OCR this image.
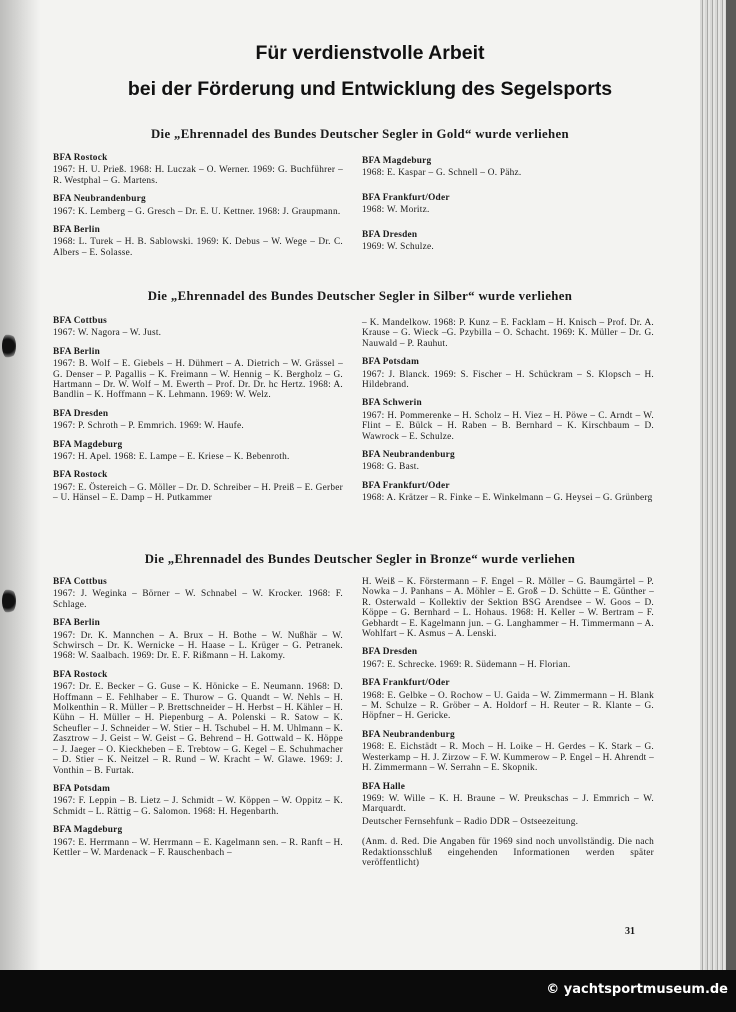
Für verdienstvolle Arbeit
bei der Förderung und Entwicklung des Segelsports
Die „Ehrennadel des Bundes Deutscher Segler in Gold“ wurde verliehen
BFA Rostock
1967: H. U. Prieß. 1968: H. Luczak – O. Werner. 1969: G. Buchführer – R. Westphal – G. Martens.
BFA Neubrandenburg
1967: K. Lemberg – G. Gresch – Dr. E. U. Kettner. 1968: J. Graupmann.
BFA Berlin
1968: L. Turek – H. B. Sablowski. 1969: K. Debus – W. Wege – Dr. C. Albers – E. Solasse.
BFA Magdeburg
1968: E. Kaspar – G. Schnell – O. Pähz.
BFA Frankfurt/Oder
1968: W. Moritz.
BFA Dresden
1969: W. Schulze.
Die „Ehrennadel des Bundes Deutscher Segler in Silber“ wurde verliehen
BFA Cottbus
1967: W. Nagora – W. Just.
BFA Berlin
1967: B. Wolf – E. Giebels – H. Dühmert – A. Dietrich – W. Grässel – G. Denser – P. Pagallis – K. Freimann – W. Hennig – K. Bergholz – G. Hartmann – Dr. W. Wolf – M. Ewerth – Prof. Dr. Dr. hc Hertz. 1968: A. Bandlin – K. Hoffmann – K. Lehmann. 1969: W. Welz.
BFA Dresden
1967: P. Schroth – P. Emmrich. 1969: W. Haufe.
BFA Magdeburg
1967: H. Apel. 1968: E. Lampe – E. Kriese – K. Bebenroth.
BFA Rostock
1967: E. Östereich – G. Möller – Dr. D. Schreiber – H. Preiß – E. Gerber – U. Hänsel – E. Damp – H. Putkammer
– K. Mandelkow. 1968: P. Kunz – E. Facklam – H. Knisch – Prof. Dr. A. Krause – G. Wieck –G. Pzybilla – O. Schacht. 1969: K. Müller – Dr. G. Nauwald – P. Rauhut.
BFA Potsdam
1967: J. Blanck. 1969: S. Fischer – H. Schückram – S. Klopsch – H. Hildebrand.
BFA Schwerin
1967: H. Pommerenke – H. Scholz – H. Viez – H. Pöwe – C. Arndt – W. Flint – E. Bülck – H. Raben – B. Bernhard – K. Kirschbaum – D. Wawrock – E. Schulze.
BFA Neubrandenburg
1968: G. Bast.
BFA Frankfurt/Oder
1968: A. Krätzer – R. Finke – E. Winkelmann – G. Heysei – G. Grünberg
Die „Ehrennadel des Bundes Deutscher Segler in Bronze“ wurde verliehen
BFA Cottbus
1967: J. Weginka – Börner – W. Schnabel – W. Krocker. 1968: F. Schlage.
BFA Berlin
1967: Dr. K. Mannchen – A. Brux – H. Bothe – W. Nußhär – W. Schwirsch – Dr. K. Wernicke – H. Haase – L. Krüger – G. Petranek. 1968: W. Saalbach. 1969: Dr. E. F. Rißmann – H. Lakomy.
BFA Rostock
1967: Dr. E. Becker – G. Guse – K. Hönicke – E. Neumann. 1968: D. Hoffmann – E. Fehlhaber – E. Thurow – G. Quandt – W. Nehls – H. Molkenthin – R. Müller – P. Brettschneider – H. Herbst – H. Kähler – H. Kühn – H. Müller – H. Piepenburg – A. Polenski – R. Satow – K. Scheufler – J. Schneider – W. Stier – H. Tschubel – H. M. Uhlmann – K. Zasztrow – J. Geist – W. Geist – G. Behrend – H. Gottwald – K. Höppe – J. Jaeger – O. Kieckheben – E. Trebtow – G. Kegel – E. Schuhmacher – D. Stier – K. Neitzel – R. Rund – W. Kracht – W. Glawe. 1969: J. Vonthin – B. Furtak.
BFA Potsdam
1967: F. Leppin – B. Lietz – J. Schmidt – W. Köppen – W. Oppitz – K. Schmidt – L. Rättig – G. Salomon. 1968: H. Hegenbarth.
BFA Magdeburg
1967: E. Herrmann – W. Herrmann – E. Kagelmann sen. – R. Ranft – H. Kettler – W. Mardenack – F. Rauschenbach –
H. Weiß – K. Förstermann – F. Engel – R. Möller – G. Baumgärtel – P. Nowka – J. Panhans – A. Möhler – E. Groß – D. Schütte – E. Günther – R. Osterwald – Kollektiv der Sektion BSG Arendsee – W. Goos – D. Köppe – G. Bernhard – L. Hohaus. 1968: H. Keller – W. Bertram – F. Gebhardt – E. Kagelmann jun. – G. Langhammer – H. Timmermann – A. Wohlfart – K. Asmus – A. Lenski.
BFA Dresden
1967: E. Schrecke. 1969: R. Südemann – H. Florian.
BFA Frankfurt/Oder
1968: E. Gelbke – O. Rochow – U. Gaida – W. Zimmermann – H. Blank – M. Schulze – R. Gröber – A. Holdorf – H. Reuter – R. Klante – G. Höpfner – H. Gericke.
BFA Neubrandenburg
1968: E. Eichstädt – R. Moch – H. Loike – H. Gerdes – K. Stark – G. Westerkamp – H. J. Zirzow – F. W. Kummerow – P. Engel – H. Ahrendt – H. Zimmermann – W. Serrahn – E. Skopnik.
BFA Halle
1969: W. Wille – K. H. Braune – W. Preukschas – J. Emmrich – W. Marquardt.
Deutscher Fernsehfunk – Radio DDR – Ostseezeitung.
(Anm. d. Red. Die Angaben für 1969 sind noch unvollständig. Die nach Redaktionsschluß eingehenden Informationen werden später veröffentlicht)
31
© yachtsportmuseum.de
